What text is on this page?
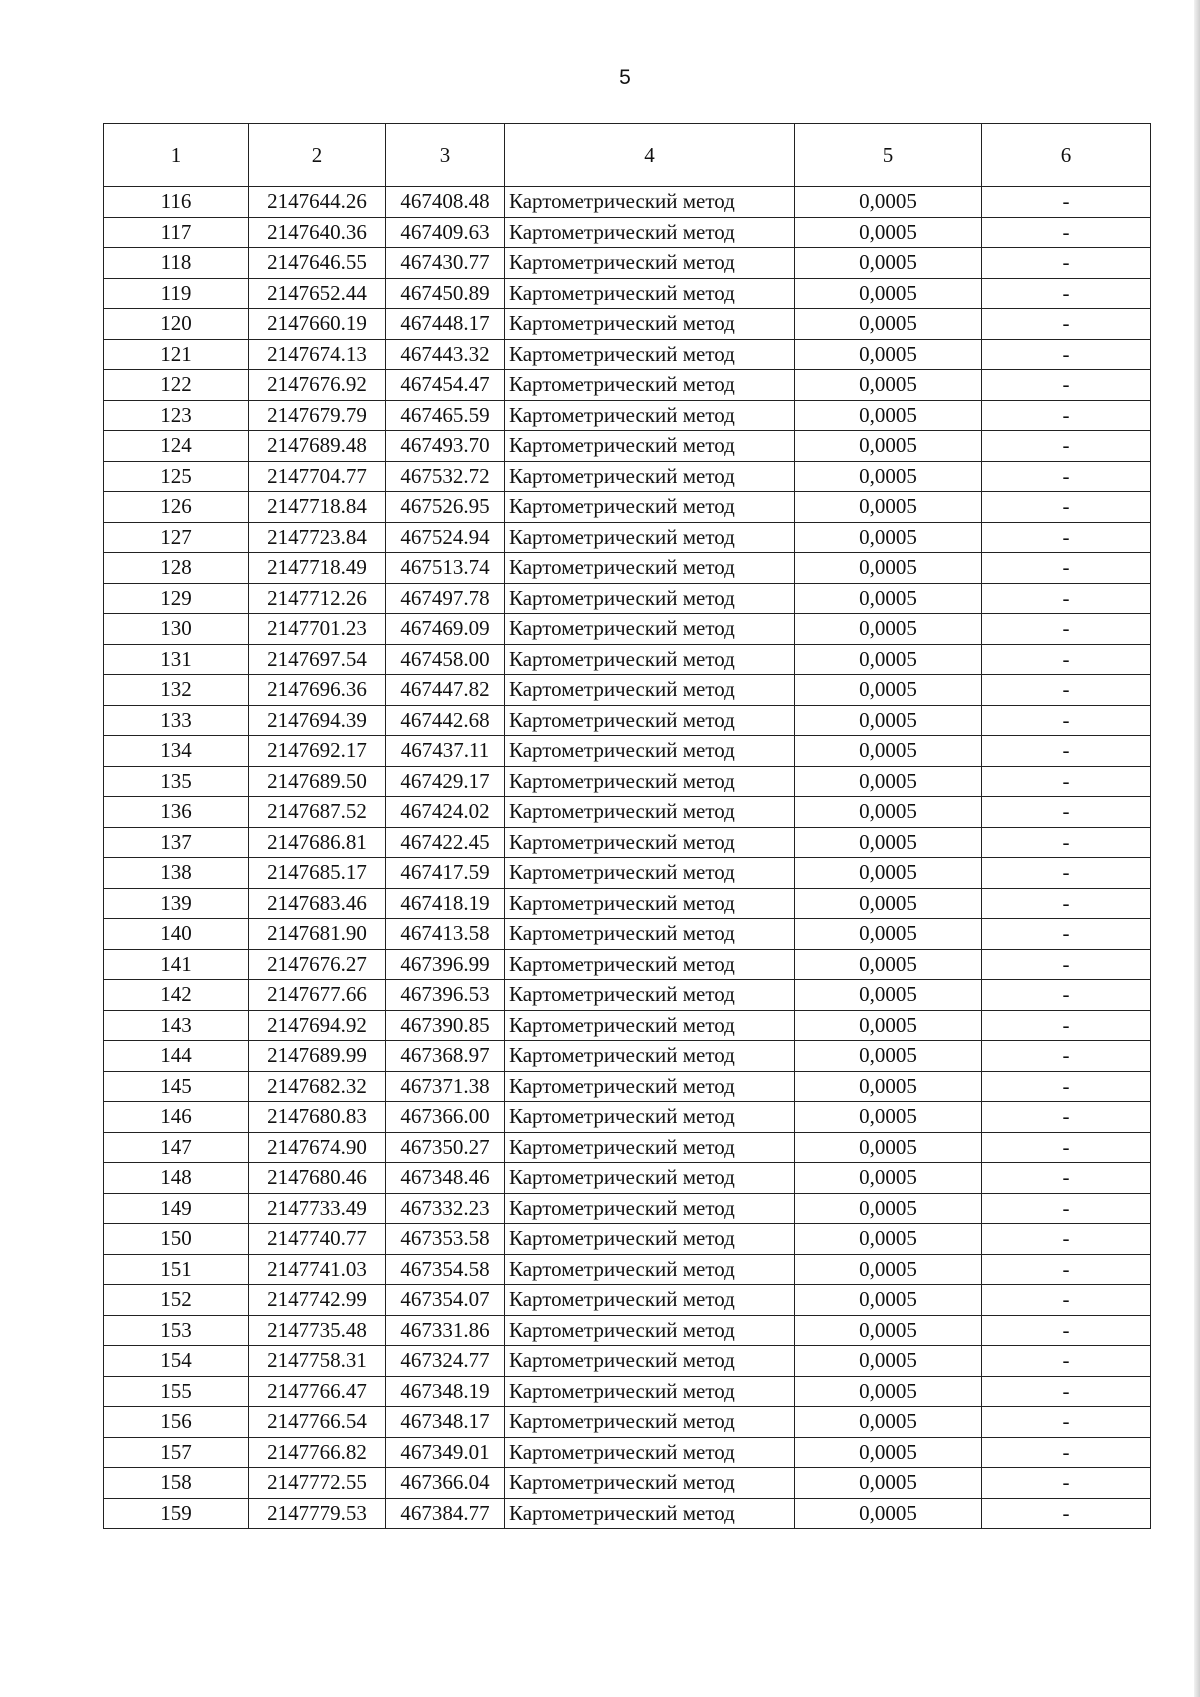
5
1	2	3	4	5	6
116	2147644.26	467408.48	Картометрический метод	0,0005	-
117	2147640.36	467409.63	Картометрический метод	0,0005	-
118	2147646.55	467430.77	Картометрический метод	0,0005	-
119	2147652.44	467450.89	Картометрический метод	0,0005	-
120	2147660.19	467448.17	Картометрический метод	0,0005	-
121	2147674.13	467443.32	Картометрический метод	0,0005	-
122	2147676.92	467454.47	Картометрический метод	0,0005	-
123	2147679.79	467465.59	Картометрический метод	0,0005	-
124	2147689.48	467493.70	Картометрический метод	0,0005	-
125	2147704.77	467532.72	Картометрический метод	0,0005	-
126	2147718.84	467526.95	Картометрический метод	0,0005	-
127	2147723.84	467524.94	Картометрический метод	0,0005	-
128	2147718.49	467513.74	Картометрический метод	0,0005	-
129	2147712.26	467497.78	Картометрический метод	0,0005	-
130	2147701.23	467469.09	Картометрический метод	0,0005	-
131	2147697.54	467458.00	Картометрический метод	0,0005	-
132	2147696.36	467447.82	Картометрический метод	0,0005	-
133	2147694.39	467442.68	Картометрический метод	0,0005	-
134	2147692.17	467437.11	Картометрический метод	0,0005	-
135	2147689.50	467429.17	Картометрический метод	0,0005	-
136	2147687.52	467424.02	Картометрический метод	0,0005	-
137	2147686.81	467422.45	Картометрический метод	0,0005	-
138	2147685.17	467417.59	Картометрический метод	0,0005	-
139	2147683.46	467418.19	Картометрический метод	0,0005	-
140	2147681.90	467413.58	Картометрический метод	0,0005	-
141	2147676.27	467396.99	Картометрический метод	0,0005	-
142	2147677.66	467396.53	Картометрический метод	0,0005	-
143	2147694.92	467390.85	Картометрический метод	0,0005	-
144	2147689.99	467368.97	Картометрический метод	0,0005	-
145	2147682.32	467371.38	Картометрический метод	0,0005	-
146	2147680.83	467366.00	Картометрический метод	0,0005	-
147	2147674.90	467350.27	Картометрический метод	0,0005	-
148	2147680.46	467348.46	Картометрический метод	0,0005	-
149	2147733.49	467332.23	Картометрический метод	0,0005	-
150	2147740.77	467353.58	Картометрический метод	0,0005	-
151	2147741.03	467354.58	Картометрический метод	0,0005	-
152	2147742.99	467354.07	Картометрический метод	0,0005	-
153	2147735.48	467331.86	Картометрический метод	0,0005	-
154	2147758.31	467324.77	Картометрический метод	0,0005	-
155	2147766.47	467348.19	Картометрический метод	0,0005	-
156	2147766.54	467348.17	Картометрический метод	0,0005	-
157	2147766.82	467349.01	Картометрический метод	0,0005	-
158	2147772.55	467366.04	Картометрический метод	0,0005	-
159	2147779.53	467384.77	Картометрический метод	0,0005	-
